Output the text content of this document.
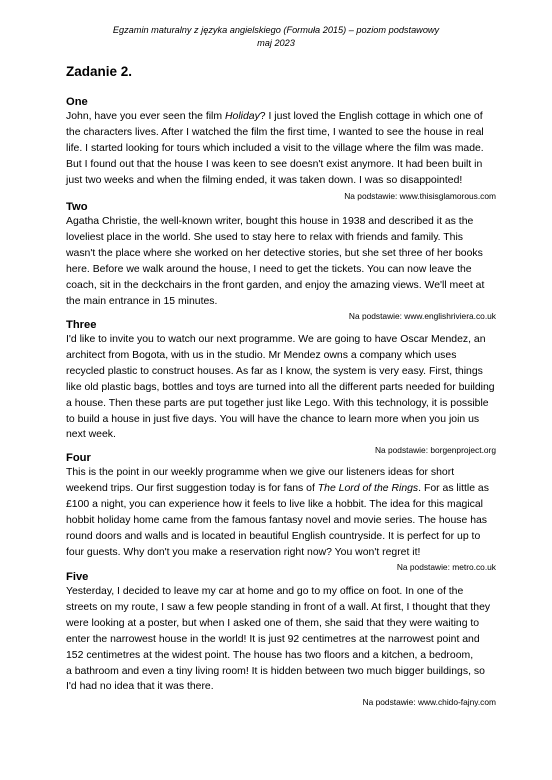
Egzamin maturalny z języka angielskiego (Formuła 2015) – poziom podstawowy
maj 2023
Zadanie 2.
One
John, have you ever seen the film Holiday? I just loved the English cottage in which one of
the characters lives. After I watched the film the first time, I wanted to see the house in real
life. I started looking for tours which included a visit to the village where the film was made.
But I found out that the house I was keen to see doesn't exist anymore. It had been built in
just two weeks and when the filming ended, it was taken down. I was so disappointed!
Na podstawie: www.thisisglamorous.com
Two
Agatha Christie, the well-known writer, bought this house in 1938 and described it as the
loveliest place in the world. She used to stay here to relax with friends and family. This
wasn't the place where she worked on her detective stories, but she set three of her books
here. Before we walk around the house, I need to get the tickets. You can now leave the
coach, sit in the deckchairs in the front garden, and enjoy the amazing views. We'll meet at
the main entrance in 15 minutes.
Na podstawie: www.englishriviera.co.uk
Three
I'd like to invite you to watch our next programme. We are going to have Oscar Mendez, an
architect from Bogota, with us in the studio. Mr Mendez owns a company which uses
recycled plastic to construct houses. As far as I know, the system is very easy. First, things
like old plastic bags, bottles and toys are turned into all the different parts needed for building
a house. Then these parts are put together just like Lego. With this technology, it is possible
to build a house in just five days. You will have the chance to learn more when you join us
next week.
Na podstawie: borgenproject.org
Four
This is the point in our weekly programme when we give our listeners ideas for short
weekend trips. Our first suggestion today is for fans of The Lord of the Rings. For as little as
£100 a night, you can experience how it feels to live like a hobbit. The idea for this magical
hobbit holiday home came from the famous fantasy novel and movie series. The house has
round doors and walls and is located in beautiful English countryside. It is perfect for up to
four guests. Why don't you make a reservation right now? You won't regret it!
Na podstawie: metro.co.uk
Five
Yesterday, I decided to leave my car at home and go to my office on foot. In one of the
streets on my route, I saw a few people standing in front of a wall. At first, I thought that they
were looking at a poster, but when I asked one of them, she said that they were waiting to
enter the narrowest house in the world! It is just 92 centimetres at the narrowest point and
152 centimetres at the widest point. The house has two floors and a kitchen, a bedroom,
a bathroom and even a tiny living room! It is hidden between two much bigger buildings, so
I'd had no idea that it was there.
Na podstawie: www.chido-fajny.com
